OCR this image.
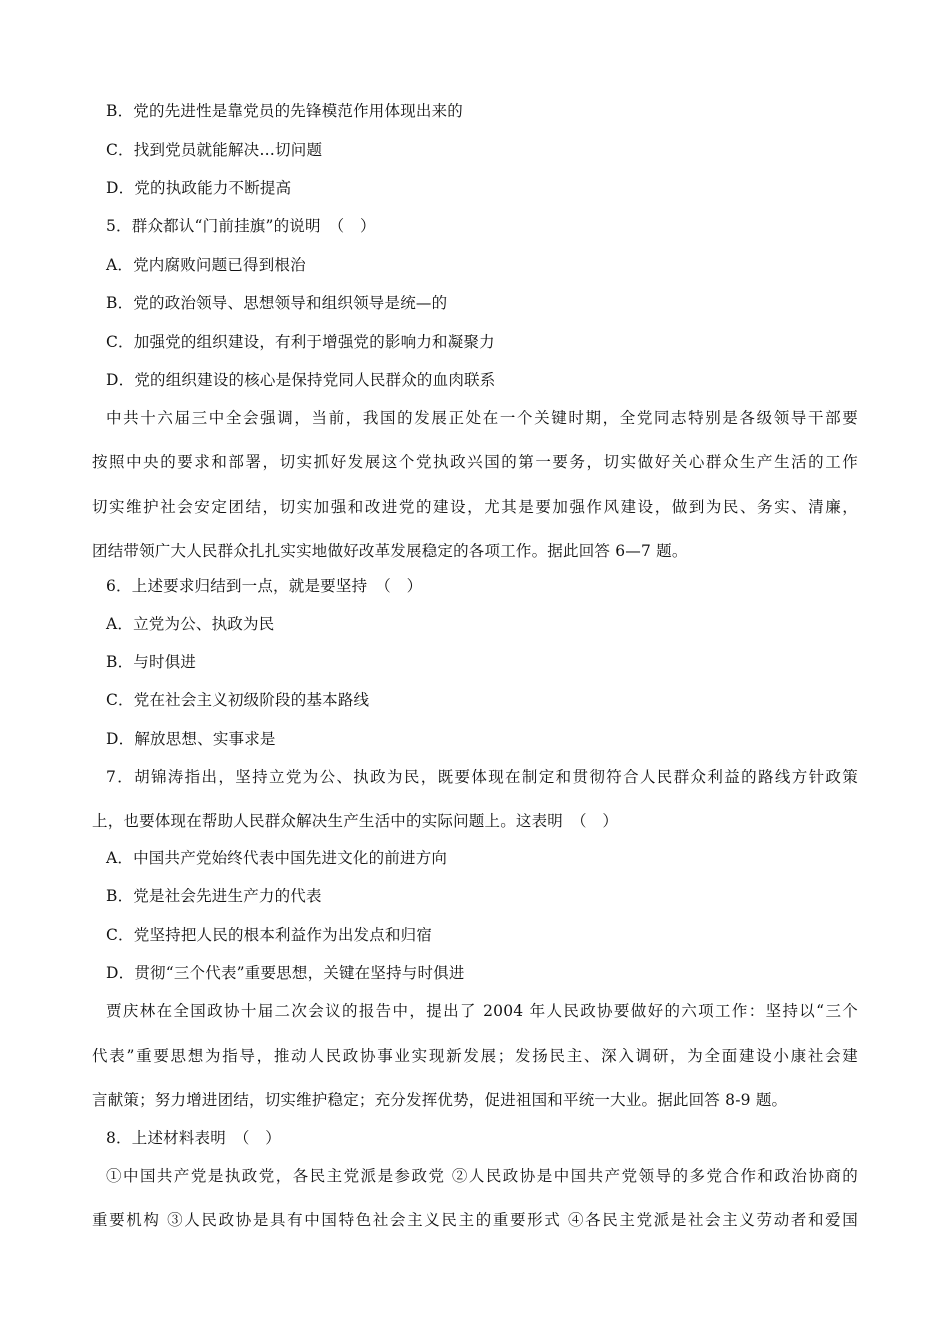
B．党的先进性是靠党员的先锋模范作用体现出来的
C．找到党员就能解决…切问题
D．党的执政能力不断提高
5．群众都认“门前挂旗”的说明　（　）
A．党内腐败问题已得到根治
B．党的政治领导、思想领导和组织领导是统—的
C．加强党的组织建设，有利于增强党的影响力和凝聚力
D．党的组织建设的核心是保持党同人民群众的血肉联系
中共十六届三中全会强调，当前，我国的发展正处在一个关键时期，全党同志特别是各级领导干部要
按照中央的要求和部署，切实抓好发展这个党执政兴国的第一要务，切实做好关心群众生产生活的工作
切实维护社会安定团结，切实加强和改进党的建设，尤其是要加强作风建设，做到为民、务实、清廉，
团结带领广大人民群众扎扎实实地做好改革发展稳定的各项工作。据此回答 6—7 题。
6．上述要求归结到一点，就是要坚持　（　）
A．立党为公、执政为民
B．与时俱进
C．党在社会主义初级阶段的基本路线
D．解放思想、实事求是
7．胡锦涛指出，坚持立党为公、执政为民，既要体现在制定和贯彻符合人民群众利益的路线方针政策
上，也要体现在帮助人民群众解决生产生活中的实际问题上。这表明　（　）
A．中国共产党始终代表中国先进文化的前进方向
B．党是社会先进生产力的代表
C．党坚持把人民的根本利益作为出发点和归宿
D．贯彻“三个代表”重要思想，关键在坚持与时俱进
贾庆林在全国政协十届二次会议的报告中，提出了 2004 年人民政协要做好的六项工作：坚持以“三个
代表”重要思想为指导，推动人民政协事业实现新发展；发扬民主、深入调研，为全面建设小康社会建
言献策；努力增进团结，切实维护稳定；充分发挥优势，促进祖国和平统一大业。据此回答 8-9 题。
8．上述材料表明　（　）
①中国共产党是执政党，各民主党派是参政党 ②人民政协是中国共产党领导的多党合作和政治协商的
重要机构 ③人民政协是具有中国特色社会主义民主的重要形式 ④各民主党派是社会主义劳动者和爱国
